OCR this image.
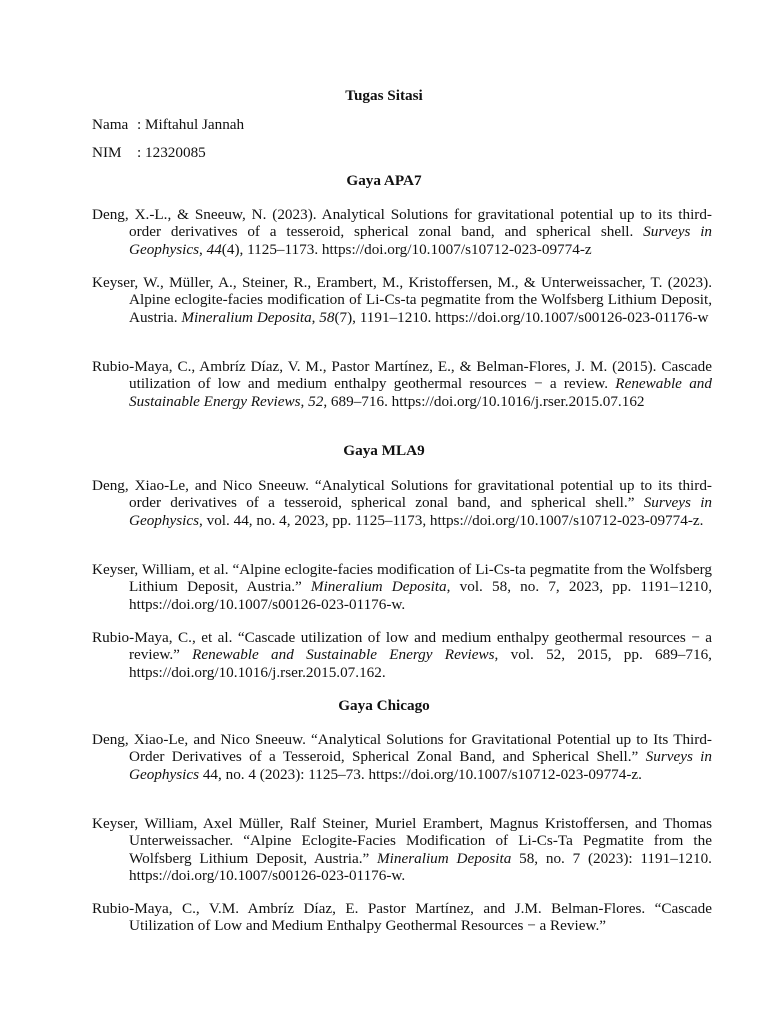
Tugas Sitasi

Nama : Miftahul Jannah

NIM : 12320085

Gaya APA7

Deng, X.-L., & Sneeuw, N. (2023). Analytical Solutions for gravitational potential up to its third-order derivatives of a tesseroid, spherical zonal band, and spherical shell. Surveys in Geophysics, 44(4), 1125–1173. https://doi.org/10.1007/s10712-023-09774-z

Keyser, W., Müller, A., Steiner, R., Erambert, M., Kristoffersen, M., & Unterweissacher, T. (2023). Alpine eclogite-facies modification of Li-Cs-ta pegmatite from the Wolfsberg Lithium Deposit, Austria. Mineralium Deposita, 58(7), 1191–1210. https://doi.org/10.1007/s00126-023-01176-w

Rubio-Maya, C., Ambríz Díaz, V. M., Pastor Martínez, E., & Belman-Flores, J. M. (2015). Cascade utilization of low and medium enthalpy geothermal resources − a review. Renewable and Sustainable Energy Reviews, 52, 689–716. https://doi.org/10.1016/j.rser.2015.07.162

Gaya MLA9

Deng, Xiao-Le, and Nico Sneeuw. “Analytical Solutions for gravitational potential up to its third-order derivatives of a tesseroid, spherical zonal band, and spherical shell.” Surveys in Geophysics, vol. 44, no. 4, 2023, pp. 1125–1173, https://doi.org/10.1007/s10712-023-09774-z.

Keyser, William, et al. “Alpine eclogite-facies modification of Li-Cs-ta pegmatite from the Wolfsberg Lithium Deposit, Austria.” Mineralium Deposita, vol. 58, no. 7, 2023, pp. 1191–1210, https://doi.org/10.1007/s00126-023-01176-w.

Rubio-Maya, C., et al. “Cascade utilization of low and medium enthalpy geothermal resources − a review.” Renewable and Sustainable Energy Reviews, vol. 52, 2015, pp. 689–716, https://doi.org/10.1016/j.rser.2015.07.162.

Gaya Chicago

Deng, Xiao-Le, and Nico Sneeuw. “Analytical Solutions for Gravitational Potential up to Its Third-Order Derivatives of a Tesseroid, Spherical Zonal Band, and Spherical Shell.” Surveys in Geophysics 44, no. 4 (2023): 1125–73. https://doi.org/10.1007/s10712-023-09774-z.

Keyser, William, Axel Müller, Ralf Steiner, Muriel Erambert, Magnus Kristoffersen, and Thomas Unterweissacher. “Alpine Eclogite-Facies Modification of Li-Cs-Ta Pegmatite from the Wolfsberg Lithium Deposit, Austria.” Mineralium Deposita 58, no. 7 (2023): 1191–1210. https://doi.org/10.1007/s00126-023-01176-w.

Rubio-Maya, C., V.M. Ambríz Díaz, E. Pastor Martínez, and J.M. Belman-Flores. “Cascade Utilization of Low and Medium Enthalpy Geothermal Resources − a Review.”
